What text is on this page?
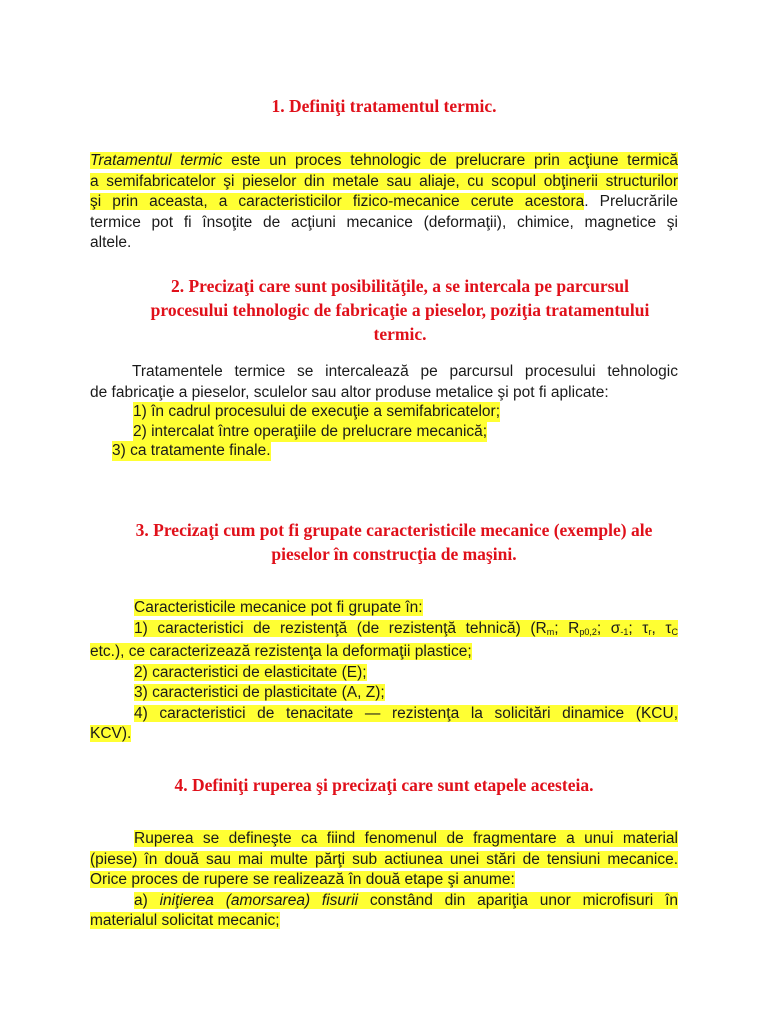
1. Definiţi tratamentul termic.
Tratamentul termic este un proces tehnologic de prelucrare prin acţiune termică
a semifabricatelor şi pieselor din metale sau aliaje, cu scopul obţinerii structurilor
şi prin aceasta, a caracteristicilor fizico-mecanice cerute acestora. Prelucrările
termice pot fi însoţite de acţiuni mecanice (deformaţii), chimice, magnetice şi
altele.
2. Precizaţi care sunt posibilităţile, a se intercala pe parcursul
procesului tehnologic de fabricaţie a pieselor, poziţia tratamentului
termic.
Tratamentele termice se intercalează pe parcursul procesului tehnologic
de fabricaţie a pieselor, sculelor sau altor produse metalice şi pot fi aplicate:
1) în cadrul procesului de execuţie a semifabricatelor;
2) intercalat între operaţiile de prelucrare mecanică;
3) ca tratamente finale.
3. Precizaţi cum pot fi grupate caracteristicile mecanice (exemple) ale
pieselor în construcţia de maşini.
Caracteristicile mecanice pot fi grupate în:
1) caracteristici de rezistenţă (de rezistenţă tehnică) ($R_m$; $R_{p0,2}$; $\sigma_{-1}$; $\tau_r$, $\tau_C$
etc.), ce caracterizează rezistenţa la deformaţii plastice;
2) caracteristici de elasticitate (E);
3) caracteristici de plasticitate (A, Z);
4) caracteristici de tenacitate — rezistenţa la solicitări dinamice (KCU,
KCV).
4. Definiţi ruperea şi precizaţi care sunt etapele acesteia.
Ruperea se defineşte ca fiind fenomenul de fragmentare a unui material
(piese) în două sau mai multe părţi sub actiunea unei stări de tensiuni mecanice.
Orice proces de rupere se realizează în două etape şi anume:
a) iniţierea (amorsarea) fisurii constând din apariţia unor microfisuri în
materialul solicitat mecanic;
